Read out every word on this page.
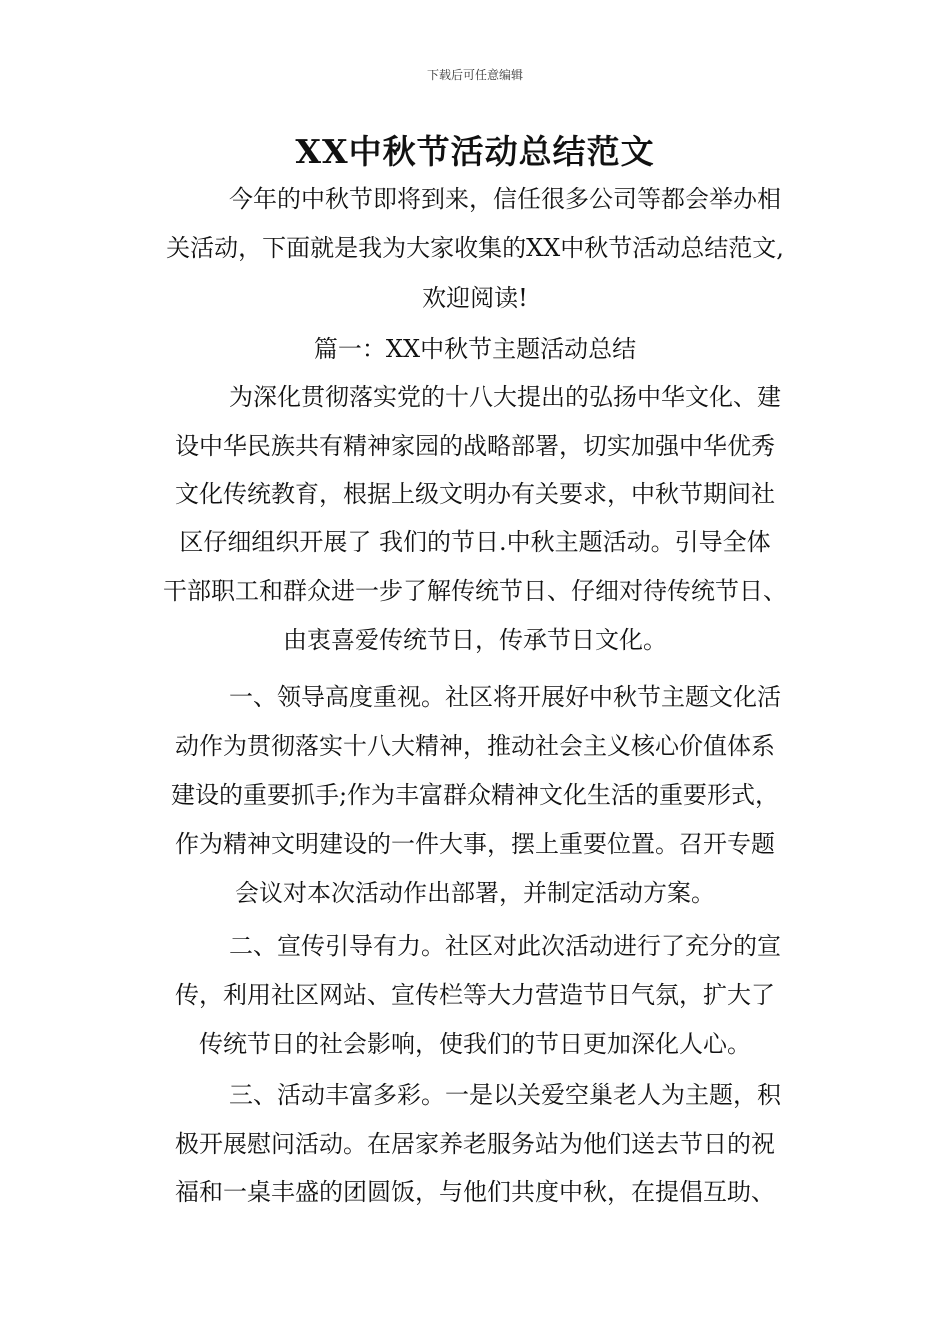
下载后可任意编辑
XX中秋节活动总结范文
今年的中秋节即将到来，信任很多公司等都会举办相
关活动，下面就是我为大家收集的XX中秋节活动总结范文,
欢迎阅读!
篇一：XX中秋节主题活动总结
为深化贯彻落实党的十八大提出的弘扬中华文化、建
设中华民族共有精神家园的战略部署，切实加强中华优秀
文化传统教育，根据上级文明办有关要求，中秋节期间社
区仔细组织开展了 我们的节日.中秋主题活动。引导全体
干部职工和群众进一步了解传统节日、仔细对待传统节日、
由衷喜爱传统节日，传承节日文化。
一、领导高度重视。社区将开展好中秋节主题文化活
动作为贯彻落实十八大精神，推动社会主义核心价值体系
建设的重要抓手;作为丰富群众精神文化生活的重要形式，
作为精神文明建设的一件大事，摆上重要位置。召开专题
会议对本次活动作出部署，并制定活动方案。
二、宣传引导有力。社区对此次活动进行了充分的宣
传，利用社区网站、宣传栏等大力营造节日气氛，扩大了
传统节日的社会影响，使我们的节日更加深化人心。
三、活动丰富多彩。一是以关爱空巢老人为主题，积
极开展慰问活动。在居家养老服务站为他们送去节日的祝
福和一桌丰盛的团圆饭，与他们共度中秋，在提倡互助、
